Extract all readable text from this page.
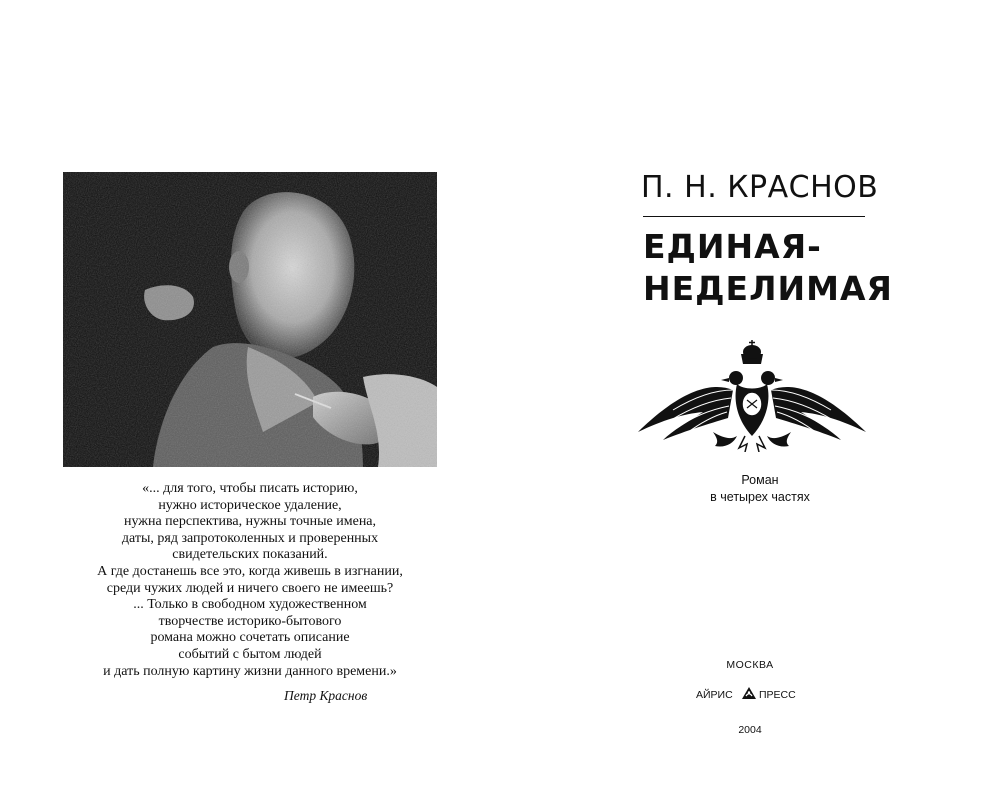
«... для того, чтобы писать историю,
нужно историческое удаление,
нужна перспектива, нужны точные имена,
даты, ряд запротоколенных и проверенных
свидетельских показаний.
А где достанешь все это, когда живешь в изгнании,
среди чужих людей и ничего своего не имеешь?
... Только в свободном художественном
творчестве историко-бытового
романа можно сочетать описание
событий с бытом людей
и дать полную картину жизни данного времени.»
Петр Краснов
П. Н. КРАСНОВ
ЕДИНАЯ-
НЕДЕЛИМАЯ
Роман
в четырех частях
МОСКВА
АЙРИС	ПРЕСС
2004
